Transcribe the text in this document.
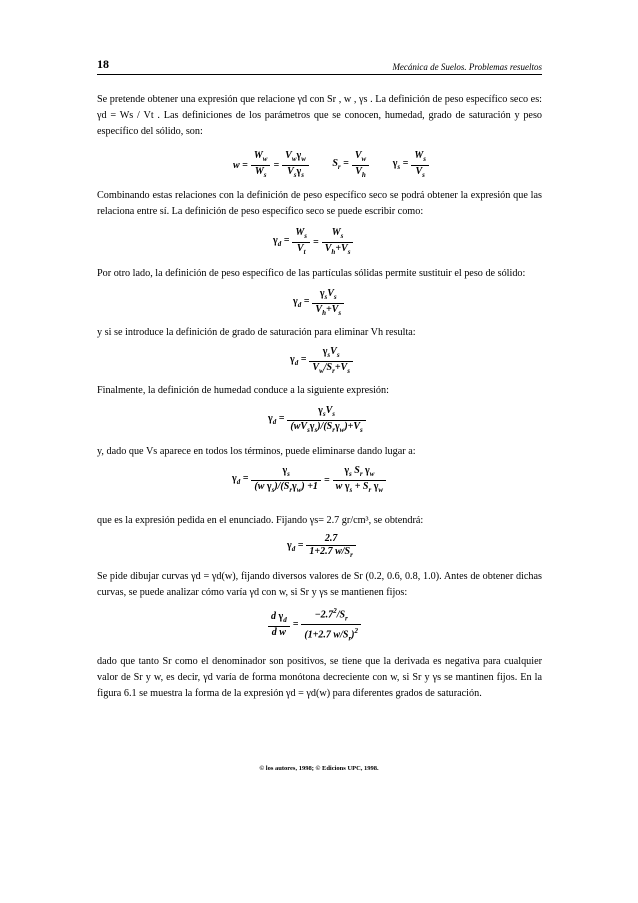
18	Mecánica de Suelos. Problemas resueltos

Se pretende obtener una expresión que relacione γd con Sr , w , γs . La definición de peso específico seco es: γd = Ws / Vt . Las definiciones de los parámetros que se conocen, humedad, grado de saturación y peso específico del sólido, son:

$w = \frac{W_w}{W_s} = \frac{V_w\gamma_w}{V_s\gamma_s} S_r = \frac{V_w}{V_h} \gamma_s = \frac{W_s}{V_s}$

Combinando estas relaciones con la definición de peso específico seco se podrá obtener la expresión que las relaciona entre sí. La definición de peso específico seco se puede escribir como:

$\gamma_d = \frac{W_s}{V_t} = \frac{W_s}{V_h+V_s}$

Por otro lado, la definición de peso específico de las partículas sólidas permite sustituir el peso de sólido:

$\gamma_d = \frac{\gamma_sV_s}{V_h+V_s}$

y si se introduce la definición de grado de saturación para eliminar Vh resulta:

$\gamma_d = \frac{\gamma_sV_s}{V_w/S_r+V_s}$

Finalmente, la definición de humedad conduce a la siguiente expresión:

$\gamma_d = \frac{\gamma_sV_s}{(wV_s\gamma_s)/(S_r\gamma_w)+V_s}$

y, dado que Vs aparece en todos los términos, puede eliminarse dando lugar a:

$\gamma_d = \frac{\gamma_s}{(w \gamma_s)/(S_r\gamma_w) +1} = \frac{\gamma_s S_r \gamma_w}{w \gamma_s + S_r \gamma_w}$

que es la expresión pedida en el enunciado. Fijando γs= 2.7 gr/cm³, se obtendrá:

$\gamma_d = \frac{2.7}{1+2.7 w/S_r}$

Se pide dibujar curvas γd = γd(w), fijando diversos valores de Sr (0.2, 0.6, 0.8, 1.0). Antes de obtener dichas curvas, se puede analizar cómo varía γd con w, si Sr y γs se mantienen fijos:

$\frac{d \gamma_d}{\text{d w}} = \frac{-2.7^2/S_r}{(1+2.7 w/S_r)^2}$

dado que tanto Sr como el denominador son positivos, se tiene que la derivada es negativa para cualquier valor de Sr y w, es decir, γd varía de forma monótona decreciente con w, si Sr y γs se mantinen fijos. En la figura 6.1 se muestra la forma de la expresión γd = γd(w) para diferentes grados de saturación.

© los autores, 1998; © Edicions UPC, 1998.
